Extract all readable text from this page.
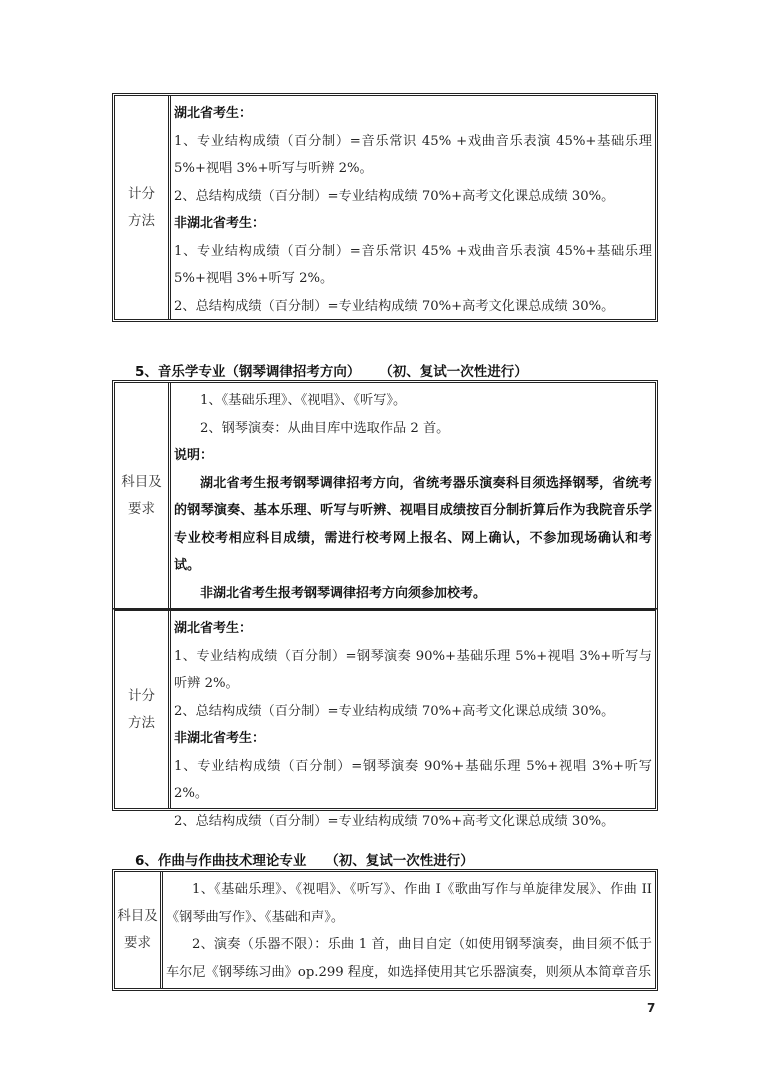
计分
方法

湖北省考生：

1、专业结构成绩（百分制）=音乐常识 45% +戏曲音乐表演 45%+基础乐理 5%+视唱 3%+听写与听辨 2%。

2、总结构成绩（百分制）=专业结构成绩 70%+高考文化课总成绩 30%。

非湖北省考生：

1、专业结构成绩（百分制）=音乐常识 45% +戏曲音乐表演 45%+基础乐理 5%+视唱 3%+听写 2%。

2、总结构成绩（百分制）=专业结构成绩 70%+高考文化课总成绩 30%。

5、音乐学专业（钢琴调律招考方向）    （初、复试一次性进行）
科目及
要求

1、《基础乐理》、《视唱》、《听写》。

2、钢琴演奏：从曲目库中选取作品 2 首。

说明：

湖北省考生报考钢琴调律招考方向，省统考器乐演奏科目须选择钢琴，省统考的钢琴演奏、基本乐理、听写与听辨、视唱目成绩按百分制折算后作为我院音乐学专业校考相应科目成绩，需进行校考网上报名、网上确认，不参加现场确认和考试。

非湖北省考生报考钢琴调律招考方向须参加校考。

计分
方法

湖北省考生：

1、专业结构成绩（百分制）=钢琴演奏 90%+基础乐理 5%+视唱 3%+听写与听辨 2%。

2、总结构成绩（百分制）=专业结构成绩 70%+高考文化课总成绩 30%。

非湖北省考生：

1、专业结构成绩（百分制）=钢琴演奏 90%+基础乐理 5%+视唱 3%+听写 2%。

2、总结构成绩（百分制）=专业结构成绩 70%+高考文化课总成绩 30%。

6、作曲与作曲技术理论专业    （初、复试一次性进行）
科目及
要求

1、《基础乐理》、《视唱》、《听写》、作曲 I《歌曲写作与单旋律发展》、作曲 II《钢琴曲写作》、《基础和声》。

2、演奏（乐器不限）：乐曲 1 首，曲目自定（如使用钢琴演奏，曲目须不低于车尔尼《钢琴练习曲》op.299 程度，如选择使用其它乐器演奏，则须从本简章音乐

7
